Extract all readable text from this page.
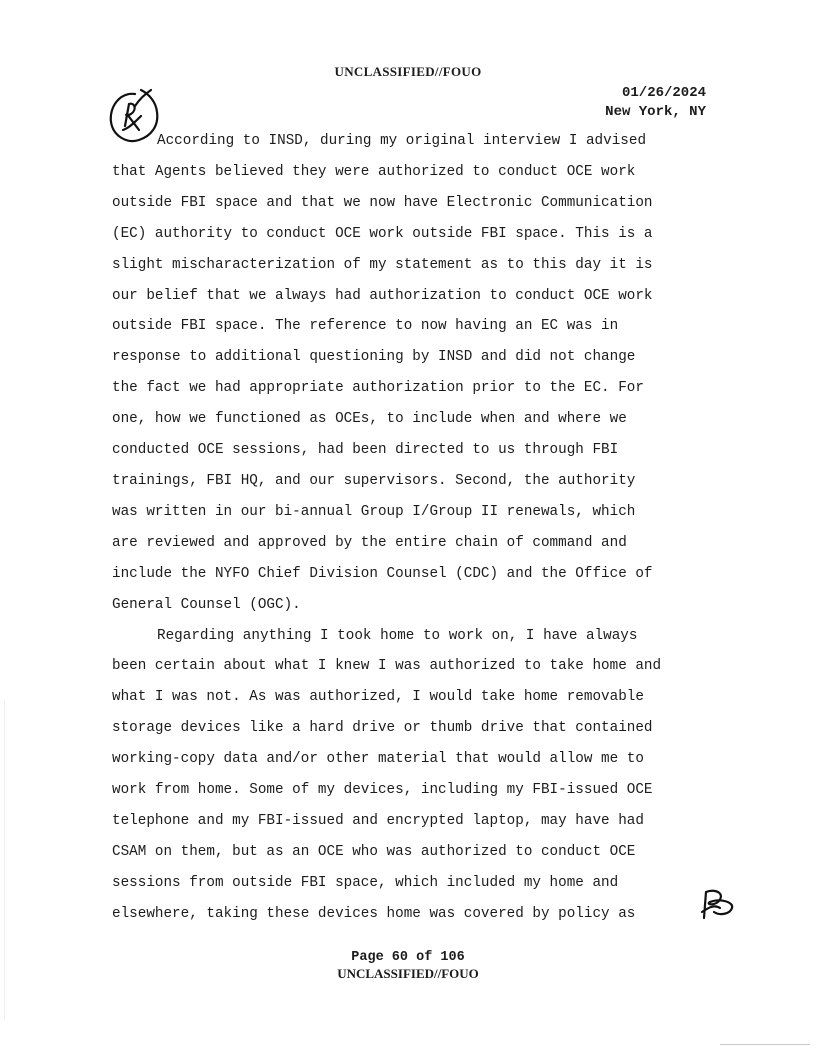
UNCLASSIFIED//FOUO
01/26/2024
New York, NY

According to INSD, during my original interview I advised
that Agents believed they were authorized to conduct OCE work
outside FBI space and that we now have Electronic Communication
(EC) authority to conduct OCE work outside FBI space. This is a
slight mischaracterization of my statement as to this day it is
our belief that we always had authorization to conduct OCE work
outside FBI space. The reference to now having an EC was in
response to additional questioning by INSD and did not change
the fact we had appropriate authorization prior to the EC. For
one, how we functioned as OCEs, to include when and where we
conducted OCE sessions, had been directed to us through FBI
trainings, FBI HQ, and our supervisors. Second, the authority
was written in our bi-annual Group I/Group II renewals, which
are reviewed and approved by the entire chain of command and
include the NYFO Chief Division Counsel (CDC) and the Office of
General Counsel (OGC).

Regarding anything I took home to work on, I have always
been certain about what I knew I was authorized to take home and
what I was not. As was authorized, I would take home removable
storage devices like a hard drive or thumb drive that contained
working-copy data and/or other material that would allow me to
work from home. Some of my devices, including my FBI-issued OCE
telephone and my FBI-issued and encrypted laptop, may have had
CSAM on them, but as an OCE who was authorized to conduct OCE
sessions from outside FBI space, which included my home and
elsewhere, taking these devices home was covered by policy as

Page 60 of 106
UNCLASSIFIED//FOUO
